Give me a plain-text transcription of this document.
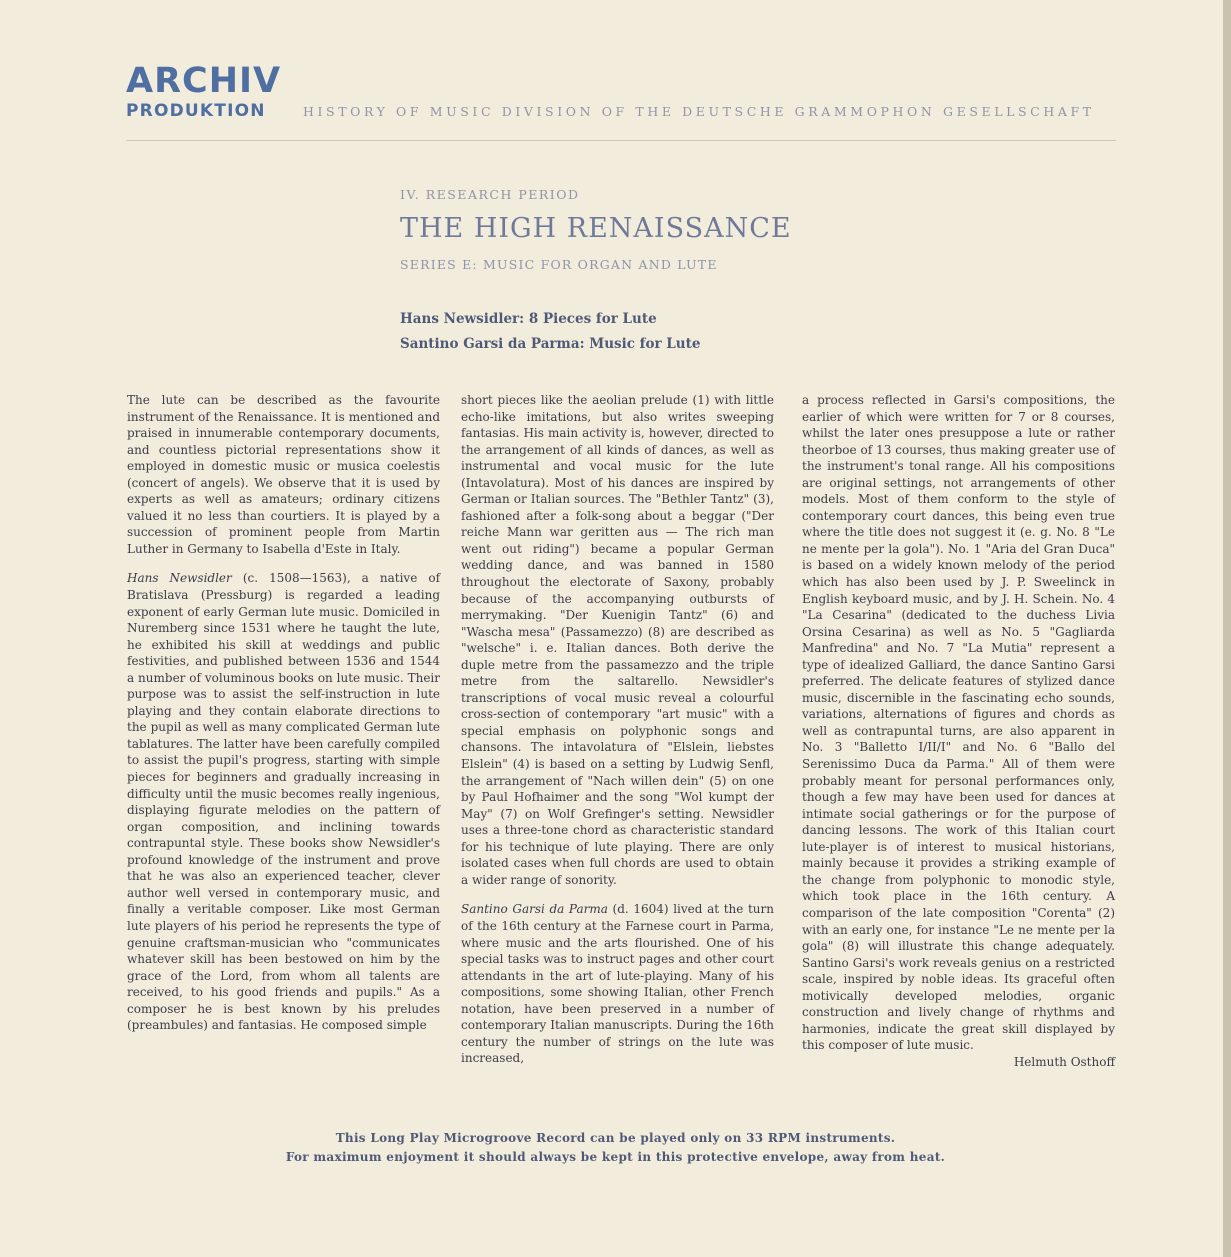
ARCHIV
PRODUKTION	HISTORY OF MUSIC DIVISION OF THE DEUTSCHE GRAMMOPHON GESELLSCHAFT
IV. RESEARCH PERIOD
THE HIGH RENAISSANCE
SERIES E: MUSIC FOR ORGAN AND LUTE
Hans Newsidler: 8 Pieces for Lute
Santino Garsi da Parma: Music for Lute

The lute can be described as the favourite instrument of the Renaissance. It is mentioned and praised in innumerable contemporary documents, and countless pictorial representations show it employed in domestic music or musica coelestis (concert of angels). We observe that it is used by experts as well as amateurs; ordinary citizens valued it no less than courtiers. It is played by a succession of prominent people from Martin Luther in Germany to Isabella d'Este in Italy.

Hans Newsidler (c. 1508—1563), a native of Bratislava (Pressburg) is regarded a leading exponent of early German lute music. Domiciled in Nuremberg since 1531 where he taught the lute, he exhibited his skill at weddings and public festivities, and published between 1536 and 1544 a number of voluminous books on lute music. Their purpose was to assist the self-instruction in lute playing and they contain elaborate directions to the pupil as well as many complicated German lute tablatures. The latter have been carefully compiled to assist the pupil's progress, starting with simple pieces for beginners and gradually increasing in difficulty until the music becomes really ingenious, displaying figurate melodies on the pattern of organ composition, and inclining towards contrapuntal style. These books show Newsidler's profound knowledge of the instrument and prove that he was also an experienced teacher, clever author well versed in contemporary music, and finally a veritable composer. Like most German lute players of his period he represents the type of genuine craftsman-musician who "communicates whatever skill has been bestowed on him by the grace of the Lord, from whom all talents are received, to his good friends and pupils." As a composer he is best known by his preludes (preambules) and fantasias. He composed simple

short pieces like the aeolian prelude (1) with little echo-like imitations, but also writes sweeping fantasias. His main activity is, however, directed to the arrangement of all kinds of dances, as well as instrumental and vocal music for the lute (Intavolatura). Most of his dances are inspired by German or Italian sources. The "Bethler Tantz" (3), fashioned after a folk-song about a beggar ("Der reiche Mann war geritten aus — The rich man went out riding") became a popular German wedding dance, and was banned in 1580 throughout the electorate of Saxony, probably because of the accompanying outbursts of merrymaking. "Der Kuenigin Tantz" (6) and "Wascha mesa" (Passamezzo) (8) are described as "welsche" i. e. Italian dances. Both derive the duple metre from the passamezzo and the triple metre from the saltarello. Newsidler's transcriptions of vocal music reveal a colourful cross-section of contemporary "art music" with a special emphasis on polyphonic songs and chansons. The intavolatura of "Elslein, liebstes Elslein" (4) is based on a setting by Ludwig Senfl, the arrangement of "Nach willen dein" (5) on one by Paul Hofhaimer and the song "Wol kumpt der May" (7) on Wolf Grefinger's setting. Newsidler uses a three-tone chord as characteristic standard for his technique of lute playing. There are only isolated cases when full chords are used to obtain a wider range of sonority.

Santino Garsi da Parma (d. 1604) lived at the turn of the 16th century at the Farnese court in Parma, where music and the arts flourished. One of his special tasks was to instruct pages and other court attendants in the art of lute-playing. Many of his compositions, some showing Italian, other French notation, have been preserved in a number of contemporary Italian manuscripts. During the 16th century the number of strings on the lute was increased,

a process reflected in Garsi's compositions, the earlier of which were written for 7 or 8 courses, whilst the later ones presuppose a lute or rather theorboe of 13 courses, thus making greater use of the instrument's tonal range. All his compositions are original settings, not arrangements of other models. Most of them conform to the style of contemporary court dances, this being even true where the title does not suggest it (e. g. No. 8 "Le ne mente per la gola"). No. 1 "Aria del Gran Duca" is based on a widely known melody of the period which has also been used by J. P. Sweelinck in English keyboard music, and by J. H. Schein. No. 4 "La Cesarina" (dedicated to the duchess Livia Orsina Cesarina) as well as No. 5 "Gagliarda Manfredina" and No. 7 "La Mutia" represent a type of idealized Galliard, the dance Santino Garsi preferred. The delicate features of stylized dance music, discernible in the fascinating echo sounds, variations, alternations of figures and chords as well as contrapuntal turns, are also apparent in No. 3 "Balletto I/II/I" and No. 6 "Ballo del Serenissimo Duca da Parma." All of them were probably meant for personal performances only, though a few may have been used for dances at intimate social gatherings or for the purpose of dancing lessons. The work of this Italian court lute-player is of interest to musical historians, mainly because it provides a striking example of the change from polyphonic to monodic style, which took place in the 16th century. A comparison of the late composition "Corenta" (2) with an early one, for instance "Le ne mente per la gola" (8) will illustrate this change adequately. Santino Garsi's work reveals genius on a restricted scale, inspired by noble ideas. Its graceful often motivically developed melodies, organic construction and lively change of rhythms and harmonies, indicate the great skill displayed by this composer of lute music.

Helmuth Osthoff
This Long Play Microgroove Record can be played only on 33 RPM instruments.
For maximum enjoyment it should always be kept in this protective envelope, away from heat.
